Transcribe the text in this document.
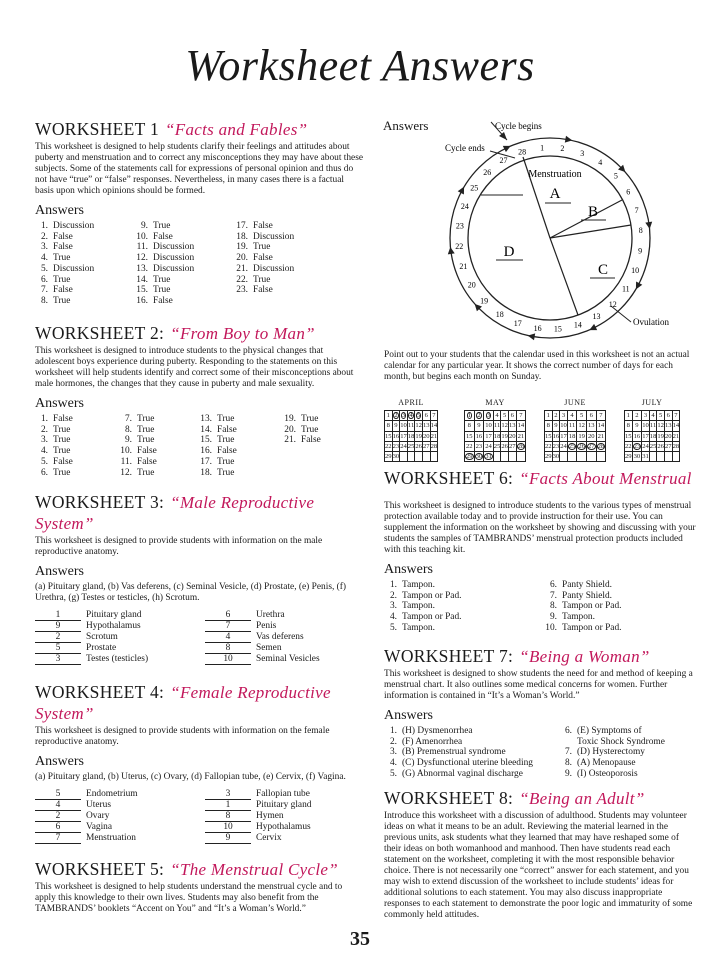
Worksheet Answers

WORKSHEET 1 “Facts and Fables”

This worksheet is designed to help students clarify their feelings and attitudes about puberty and menstruation and to correct any misconceptions they may have about these subjects. Some of the statements call for expressions of personal opinion and thus do not have “true” or “false” responses. Nevertheless, in many cases there is a factual basis upon which opinions should be formed.

Answers
1. Discussion
2. False
3. False
4. True
5. Discussion
6. True
7. False
8. True
9. True
10. False
11. Discussion
12. Discussion
13. Discussion
14. True
15. True
16. False
17. False
18. Discussion
19. True
20. False
21. Discussion
22. True
23. False

WORKSHEET 2: “From Boy to Man”

This worksheet is designed to introduce students to the physical changes that adolescent boys experience during puberty. Responding to the statements on this worksheet will help students identify and correct some of their misconceptions about male hormones, the changes that they cause in puberty and male sexuality.

Answers
1. False
2. True
3. True
4. True
5. False
6. True
7. True
8. True
9. True
10. False
11. False
12. True
13. True
14. False
15. True
16. False
17. True
18. True
19. True
20. True
21. False

WORKSHEET 3: “Male Reproductive System”

This worksheet is designed to provide students with information on the male reproductive anatomy.

Answers

(a) Pituitary gland, (b) Vas deferens, (c) Seminal Vesicle, (d) Prostate, (e) Penis, (f) Urethra, (g) Testes or testicles, (h) Scrotum.

1	Pituitary gland
9	Hypothalamus
2	Scrotum
5	Prostate
3	Testes (testicles)
6	Urethra
7	Penis
4	Vas deferens
8	Semen
10 Seminal Vesicles

WORKSHEET 4: “Female Reproductive System”

This worksheet is designed to provide students with information on the female reproductive anatomy.

Answers

(a) Pituitary gland, (b) Uterus, (c) Ovary, (d) Fallopian tube, (e) Cervix, (f) Vagina.

5	Endometrium
4	Uterus
2	Ovary
6	Vagina
7	Menstruation
3	Fallopian tube
1	Pituitary gland
8	Hymen
10 Hypothalamus
9	Cervix

WORKSHEET 5: “The Menstrual Cycle”

This worksheet is designed to help students understand the menstrual cycle and to apply this knowledge to their own lives. Students may also benefit from the TAMBRANDS’ booklets “Accent on You” and “It’s a Woman’s World.”

Answers
Menstruation
A
B
C
D
Cycle begins
Cycle ends
Ovulation
1 2
3
4
5
6
7
8
9
10
11
12
13
14
15
16
17
18
19
20
21
22
23
24
25
26
27
28

Point out to your students that the calendar used in this worksheet is not an actual calendar for any particular year. It shows the correct number of days for each month, but begins each month on Sunday.

APRIL
1	2	3	4	5	6	7
8	9	10	11	12	13	14
15	16	17	18	19	20	21
22	23	24	25	26	27	28
29	30					
MAY
1	2	3	4	5	6	7
8	9	10	11	12	13	14
15	16	17	18	19	20	21
22	23	24	25	26	27	28
29	30	31				
JUNE
1	2	3	4	5	6	7
8	9	10	11	12	13	14
15	16	17	18	19	20	21
22	23	24	25	26	27	28
29	30					
JULY
1	2	3	4	5	6	7
8	9	10	11	12	13	14
15	16	17	18	19	20	21
22	23	24	25	26	27	28
29	30	31				

WORKSHEET 6: “Facts About Menstrual

This worksheet is designed to introduce students to the various types of menstrual protection available today and to provide instruction for their use. You can supplement the information on the worksheet by showing and discussing with your students the samples of TAMBRANDS’ menstrual protection products included with this teaching kit.

Answers
1. Tampon.
2. Tampon or Pad.
3. Tampon.
4. Tampon or Pad.
5. Tampon.
6. Panty Shield.
7. Panty Shield.
8. Tampon or Pad.
9. Tampon.
10. Tampon or Pad.

WORKSHEET 7: “Being a Woman”

This worksheet is designed to show students the need for and method of keeping a menstrual chart. It also outlines some medical concerns for women. Further information is contained in “It’s a Woman’s World.”

Answers
1. (H) Dysmenorrhea
2. (F) Amenorrhea
3. (B) Premenstrual syndrome
4. (C) Dysfunctional uterine bleeding
5. (G) Abnormal vaginal discharge
6. (E) Symptoms of
Toxic Shock Syndrome
7. (D) Hysterectomy
8. (A) Menopause
9. (I) Osteoporosis

WORKSHEET 8: “Being an Adult”

Introduce this worksheet with a discussion of adulthood. Students may volunteer ideas on what it means to be an adult. Reviewing the material learned in the previous units, ask students what they learned that may have reshaped some of their ideas on both womanhood and manhood. Then have students read each statement on the worksheet, completing it with the most responsible behavior choice. There is not necessarily one “correct” answer for each statement, and you may wish to extend discussion of the worksheet to include students’ ideas for additional solutions to each statement. You may also discuss inappropriate responses to each statement to demonstrate the poor logic and immaturity of some commonly held attitudes.

35
